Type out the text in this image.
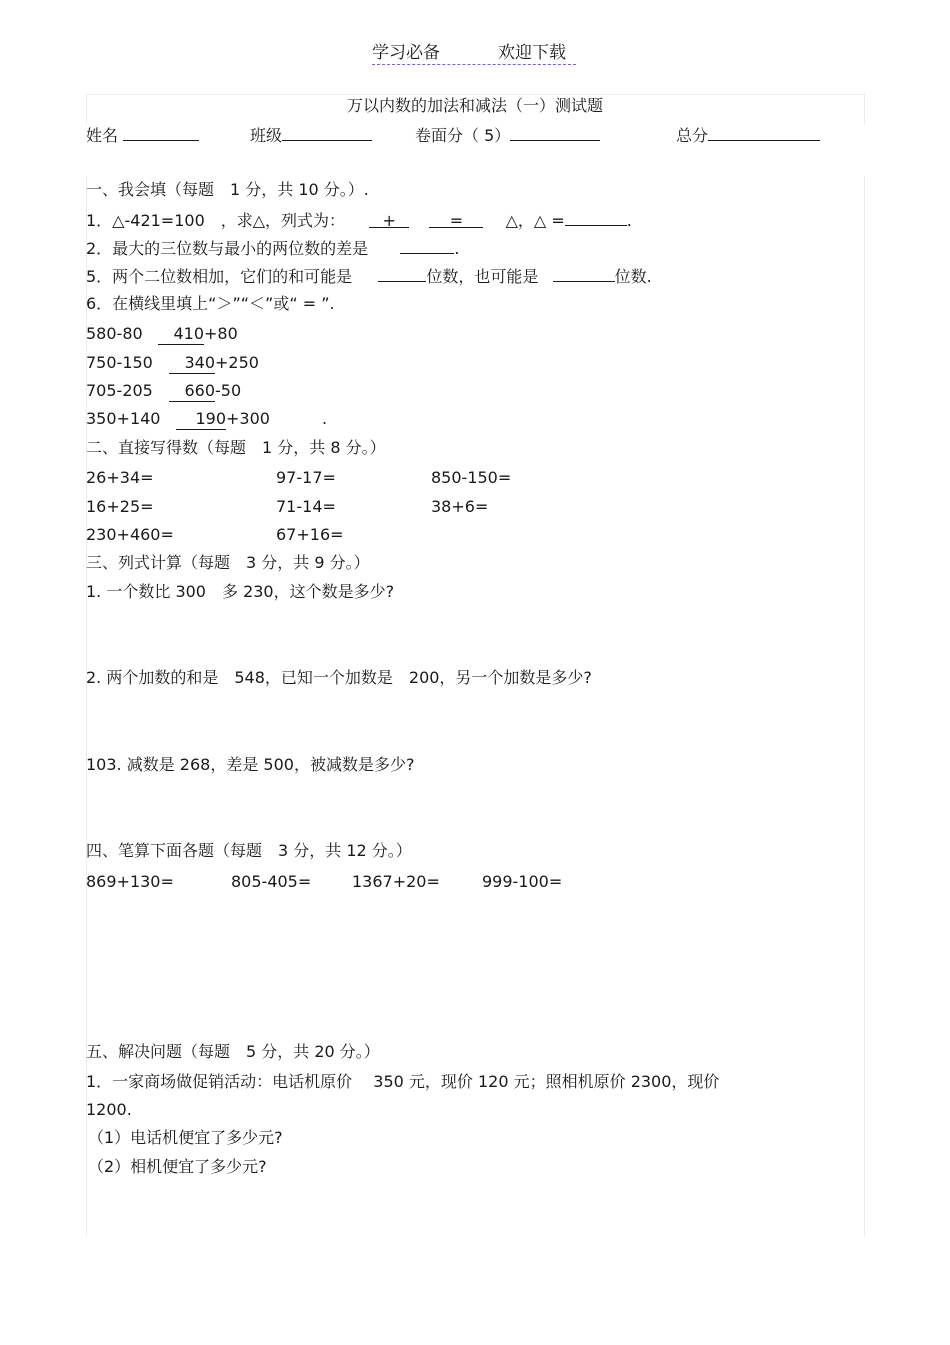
学习必备	欢迎下载
万以内数的加法和减法（一）测试题
姓名	班级	卷面分（ 5）	总分
一、我会填（每题　1 分，共 10 分。）.
1．△-421=100　，求△，列式为： +	=	△，△ =	.
2．最大的三位数与最小的两位数的差是	.
5．两个二位数相加，它们的和可能是	位数，也可能是	位数.
6．在横线里填上“＞”“＜”或“ = ”.
580-80 410+80
750-150 340+250
705-205 660-50
350+140 190+300	.
二、直接写得数（每题　1 分，共 8 分。）
26+34=	97-17=	850-150=
16+25=	71-14=	38+6=
230+460=	67+16=
三、列式计算（每题　3 分，共 9 分。）
1. 一个数比 300　多 230，这个数是多少?
2. 两个加数的和是　548，已知一个加数是　200，另一个加数是多少?
103. 减数是 268，差是 500，被减数是多少?
四、笔算下面各题（每题　3 分，共 12 分。）
869+130=	805-405=	1367+20=	999-100=
五、解决问题（每题　5 分，共 20 分。）
1．一家商场做促销活动：电话机原价　 350 元，现价 120 元；照相机原价 2300，现价
1200.
（1）电话机便宜了多少元?
（2）相机便宜了多少元?
